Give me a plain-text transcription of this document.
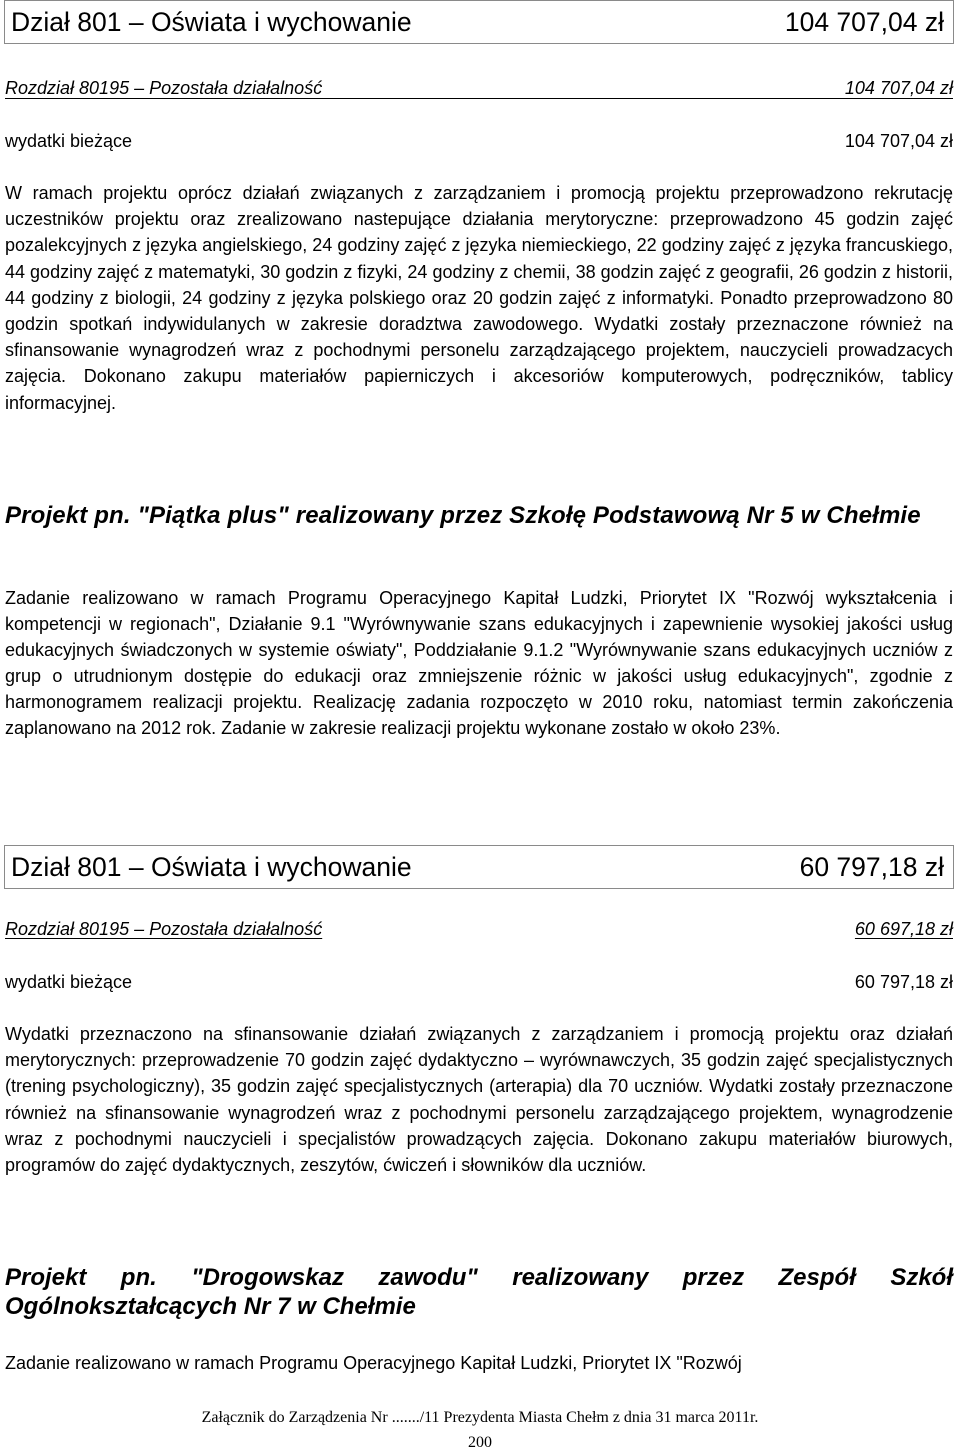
Dział 801 – Oświata i wychowanie	104 707,04 zł
Rozdział 80195 – Pozostała działalność	104 707,04 zł
wydatki bieżące	104 707,04 zł

W ramach projektu oprócz działań związanych z zarządzaniem i promocją projektu przeprowadzono rekrutację uczestników projektu oraz zrealizowano nastepujące działania merytoryczne: przeprowadzono 45 godzin zajęć pozalekcyjnych z języka angielskiego, 24 godziny zajęć z języka niemieckiego, 22 godziny zajęć z języka francuskiego, 44 godziny zajęć z matematyki, 30 godzin z fizyki, 24 godziny z chemii, 38 godzin zajęć z geografii, 26 godzin z historii, 44 godziny z biologii, 24 godziny z języka polskiego oraz 20 godzin zajęć z informatyki. Ponadto przeprowadzono 80 godzin spotkań indywidulanych w zakresie doradztwa zawodowego. Wydatki zostały przeznaczone również na sfinansowanie wynagrodzeń wraz z pochodnymi personelu zarządzającego projektem, nauczycieli prowadzacych zajęcia. Dokonano zakupu materiałów papierniczych i akcesoriów komputerowych, podręczników, tablicy informacyjnej.

Projekt pn. "Piątka plus" realizowany przez Szkołę Podstawową Nr 5 w Chełmie

Zadanie realizowano w ramach Programu Operacyjnego Kapitał Ludzki, Priorytet IX "Rozwój wykształcenia i kompetencji w regionach", Działanie 9.1 "Wyrównywanie szans edukacyjnych i zapewnienie wysokiej jakości usług edukacyjnych świadczonych w systemie oświaty", Poddziałanie 9.1.2 "Wyrównywanie szans edukacyjnych uczniów z grup o utrudnionym dostępie do edukacji oraz zmniejszenie różnic w jakości usług edukacyjnych", zgodnie z harmonogramem realizacji projektu. Realizację zadania rozpoczęto w 2010 roku, natomiast termin zakończenia zaplanowano na 2012 rok. Zadanie w zakresie realizacji projektu wykonane zostało w około 23%.

Dział 801 – Oświata i wychowanie	60 797,18 zł
Rozdział 80195 – Pozostała działalność	60 697,18 zł
wydatki bieżące	60 797,18 zł

Wydatki przeznaczono na sfinansowanie działań związanych z zarządzaniem i promocją projektu oraz działań merytorycznych: przeprowadzenie 70 godzin zajęć dydaktyczno – wyrównawczych, 35 godzin zajęć specjalistycznych (trening psychologiczny), 35 godzin zajęć specjalistycznych (arterapia) dla 70 uczniów. Wydatki zostały przeznaczone również na sfinansowanie wynagrodzeń wraz z pochodnymi personelu zarządzającego projektem, wynagrodzenie wraz z pochodnymi nauczycieli i specjalistów prowadzących zajęcia. Dokonano zakupu materiałów biurowych, programów do zajęć dydaktycznych, zeszytów, ćwiczeń i słowników dla uczniów.

Projekt pn. "Drogowskaz zawodu" realizowany przez Zespół Szkół Ogólnokształcących Nr 7 w Chełmie

Zadanie realizowano w ramach Programu Operacyjnego Kapitał Ludzki, Priorytet IX "Rozwój

Załącznik do Zarządzenia Nr ......./11 Prezydenta Miasta Chełm z dnia 31 marca 2011r.
200
